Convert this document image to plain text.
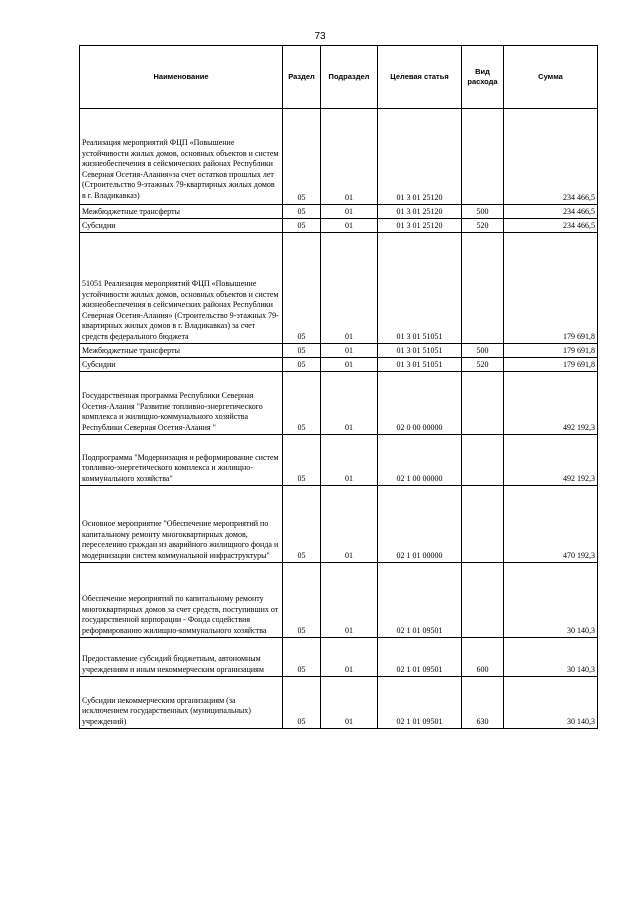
73
Наименование	Раздел	Подраздел	Целевая статья	Вид расхода	Сумма
Реализация мероприятий ФЦП «Повышение устойчивости жилых домов, основных объектов и систем жизнеобеспечения в сейсмических районах Республики Северная Осетия-Алания»за счет остатков прошлых лет (Строительство 9-этажных 79-квартирных жилых домов в г. Владикавказ)	05	01	01 3 01 25120		234 466,5
Межбюджетные трансферты	05	01	01 3 01 25120	500	234 466,5
Субсидии	05	01	01 3 01 25120	520	234 466,5
51051 Реализация мероприятий ФЦП «Повышение устойчивости жилых домов, основных объектов и систем жизнеобеспечения в сейсмических районах Республики Северная Осетия-Алания» (Строительство 9-этажных 79-квартирных жилых домов в г. Владикавказ) за счет средств федерального бюджета	05	01	01 3 01 51051		179 691,8
Межбюджетные трансферты	05	01	01 3 01 51051	500	179 691,8
Субсидии	05	01	01 3 01 51051	520	179 691,8
Государственная программа Республики Северная Осетия-Алания "Развитие топливно-энергетического комплекса и жилищно-коммунального хозяйства Республики Северная Осетия-Алания "	05	01	02 0 00 00000		492 192,3
Подпрограмма "Модернизация и реформирование систем топливно-энергетического комплекса и жилищно-коммунального хозяйства"	05	01	02 1 00 00000		492 192,3
Основное мероприятие "Обеспечение мероприятий по капитальному ремонту многоквартирных домов, переселению граждан из аварийного жилищного фонда и модернизации систем коммунальной инфраструктуры"	05	01	02 1 01 00000		470 192,3
Обеспечение мероприятий по капитальному ремонту многоквартирных домов за счет средств, поступивших от государственной корпорации - Фонда содействия реформированию жилищно-коммунального хозяйства	05	01	02 1 01 09501		30 140,3
Предоставление субсидий бюджетным, автономным учреждениям и иным некоммерческим организациям	05	01	02 1 01 09501	600	30 140,3
Субсидии некоммерческим организациям (за исключением государственных (муниципальных) учреждений)	05	01	02 1 01 09501	630	30 140,3
